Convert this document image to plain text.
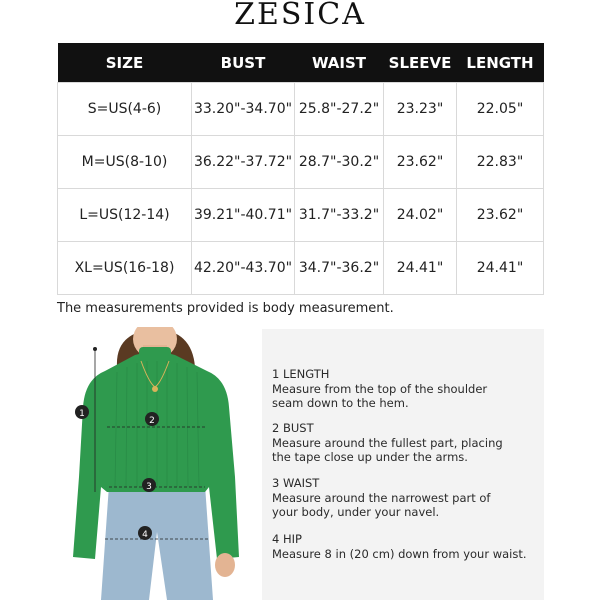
ZESICA
SIZE	BUST	WAIST	SLEEVE	LENGTH
S=US(4-6)	33.20"-34.70"	25.8"-27.2"	23.23"	22.05"
M=US(8-10)	36.22"-37.72"	28.7"-30.2"	23.62"	22.83"
L=US(12-14)	39.21"-40.71"	31.7"-33.2"	24.02"	23.62"
XL=US(16-18)	42.20"-43.70"	34.7"-36.2"	24.41"	24.41"
The measurements provided is body measurement.
1
2
3
4
1 LENGTH
Measure from the top of the shoulder
seam down to the hem.
2 BUST
Measure around the fullest part, placing
the tape close up under the arms.
3 WAIST
Measure around the narrowest part of
your body, under your navel.
4 HIP
Measure 8 in (20 cm) down from your waist.
